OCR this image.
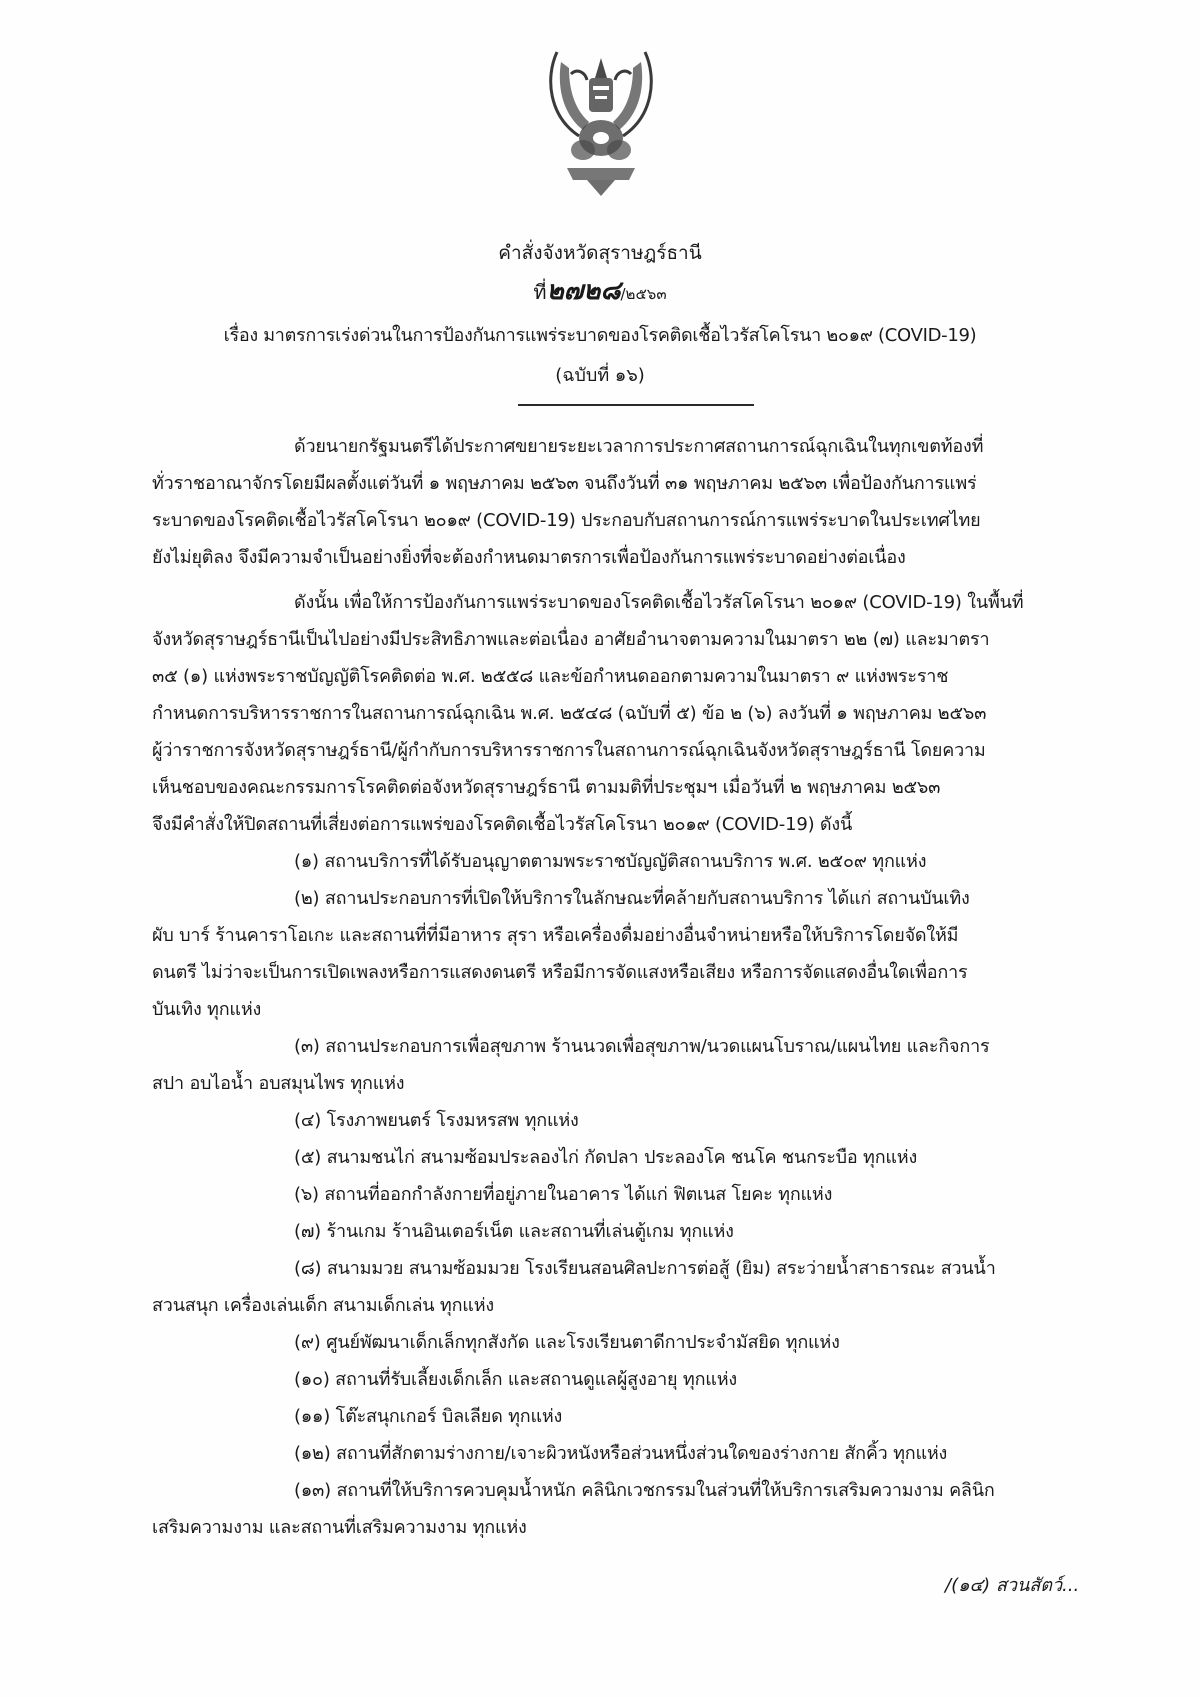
คำสั่งจังหวัดสุราษฎร์ธานี
ที่๒๗๒๘/๒๕๖๓
เรื่อง มาตรการเร่งด่วนในการป้องกันการแพร่ระบาดของโรคติดเชื้อไวรัสโคโรนา ๒๐๑๙ (COVID-19)
(ฉบับที่ ๑๖)
ด้วยนายกรัฐมนตรีได้ประกาศขยายระยะเวลาการประกาศสถานการณ์ฉุกเฉินในทุกเขตท้องที่
ทั่วราชอาณาจักรโดยมีผลตั้งแต่วันที่ ๑ พฤษภาคม ๒๕๖๓ จนถึงวันที่ ๓๑ พฤษภาคม ๒๕๖๓ เพื่อป้องกันการแพร่
ระบาดของโรคติดเชื้อไวรัสโคโรนา ๒๐๑๙ (COVID-19) ประกอบกับสถานการณ์การแพร่ระบาดในประเทศไทย
ยังไม่ยุติลง จึงมีความจำเป็นอย่างยิ่งที่จะต้องกำหนดมาตรการเพื่อป้องกันการแพร่ระบาดอย่างต่อเนื่อง
ดังนั้น เพื่อให้การป้องกันการแพร่ระบาดของโรคติดเชื้อไวรัสโคโรนา ๒๐๑๙ (COVID-19) ในพื้นที่
จังหวัดสุราษฎร์ธานีเป็นไปอย่างมีประสิทธิภาพและต่อเนื่อง อาศัยอำนาจตามความในมาตรา ๒๒ (๗) และมาตรา
๓๕ (๑) แห่งพระราชบัญญัติโรคติดต่อ พ.ศ. ๒๕๕๘ และข้อกำหนดออกตามความในมาตรา ๙ แห่งพระราช
กำหนดการบริหารราชการในสถานการณ์ฉุกเฉิน พ.ศ. ๒๕๔๘ (ฉบับที่ ๕) ข้อ ๒ (๖) ลงวันที่ ๑ พฤษภาคม ๒๕๖๓
ผู้ว่าราชการจังหวัดสุราษฎร์ธานี/ผู้กำกับการบริหารราชการในสถานการณ์ฉุกเฉินจังหวัดสุราษฎร์ธานี โดยความ
เห็นชอบของคณะกรรมการโรคติดต่อจังหวัดสุราษฎร์ธานี ตามมติที่ประชุมฯ เมื่อวันที่ ๒ พฤษภาคม ๒๕๖๓
จึงมีคำสั่งให้ปิดสถานที่เสี่ยงต่อการแพร่ของโรคติดเชื้อไวรัสโคโรนา ๒๐๑๙ (COVID-19) ดังนี้
(๑) สถานบริการที่ได้รับอนุญาตตามพระราชบัญญัติสถานบริการ พ.ศ. ๒๕๐๙ ทุกแห่ง
(๒) สถานประกอบการที่เปิดให้บริการในลักษณะที่คล้ายกับสถานบริการ ได้แก่ สถานบันเทิง
ผับ บาร์ ร้านคาราโอเกะ และสถานที่ที่มีอาหาร สุรา หรือเครื่องดื่มอย่างอื่นจำหน่ายหรือให้บริการโดยจัดให้มี
ดนตรี ไม่ว่าจะเป็นการเปิดเพลงหรือการแสดงดนตรี หรือมีการจัดแสงหรือเสียง หรือการจัดแสดงอื่นใดเพื่อการ
บันเทิง ทุกแห่ง
(๓) สถานประกอบการเพื่อสุขภาพ ร้านนวดเพื่อสุขภาพ/นวดแผนโบราณ/แผนไทย และกิจการ
สปา อบไอน้ำ อบสมุนไพร ทุกแห่ง
(๔) โรงภาพยนตร์ โรงมหรสพ ทุกแห่ง
(๕) สนามชนไก่ สนามซ้อมประลองไก่ กัดปลา ประลองโค ชนโค ชนกระบือ ทุกแห่ง
(๖) สถานที่ออกกำลังกายที่อยู่ภายในอาคาร ได้แก่ ฟิตเนส โยคะ ทุกแห่ง
(๗) ร้านเกม ร้านอินเตอร์เน็ต และสถานที่เล่นตู้เกม ทุกแห่ง
(๘) สนามมวย สนามซ้อมมวย โรงเรียนสอนศิลปะการต่อสู้ (ยิม) สระว่ายน้ำสาธารณะ สวนน้ำ
สวนสนุก เครื่องเล่นเด็ก สนามเด็กเล่น ทุกแห่ง
(๙) ศูนย์พัฒนาเด็กเล็กทุกสังกัด และโรงเรียนตาดีกาประจำมัสยิด ทุกแห่ง
(๑๐) สถานที่รับเลี้ยงเด็กเล็ก และสถานดูแลผู้สูงอายุ ทุกแห่ง
(๑๑) โต๊ะสนุกเกอร์ บิลเลียด ทุกแห่ง
(๑๒) สถานที่สักตามร่างกาย/เจาะผิวหนังหรือส่วนหนึ่งส่วนใดของร่างกาย สักคิ้ว ทุกแห่ง
(๑๓) สถานที่ให้บริการควบคุมน้ำหนัก คลินิกเวชกรรมในส่วนที่ให้บริการเสริมความงาม คลินิก
เสริมความงาม และสถานที่เสริมความงาม ทุกแห่ง
/(๑๔) สวนสัตว์...
